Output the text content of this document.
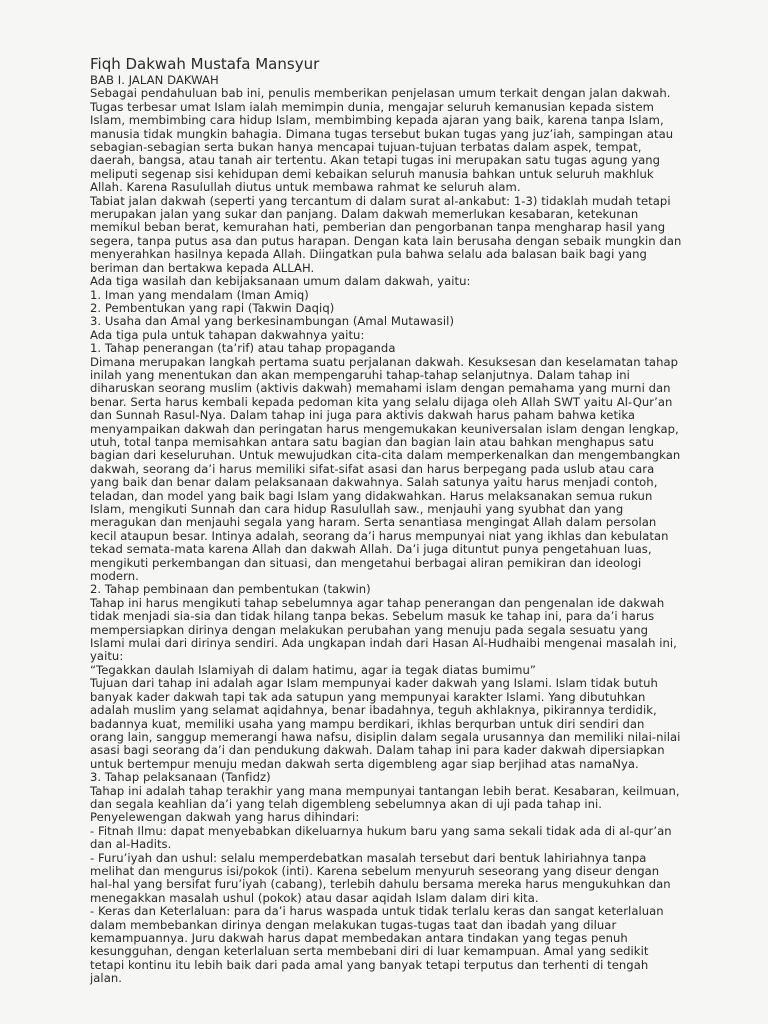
Fiqh Dakwah Mustafa Mansyur
BAB I. JALAN DAKWAH
Sebagai pendahuluan bab ini, penulis memberikan penjelasan umum terkait dengan jalan dakwah.
Tugas terbesar umat Islam ialah memimpin dunia, mengajar seluruh kemanusian kepada sistem
Islam, membimbing cara hidup Islam, membimbing kepada ajaran yang baik, karena tanpa Islam,
manusia tidak mungkin bahagia. Dimana tugas tersebut bukan tugas yang juz’iah, sampingan atau
sebagian-sebagian serta bukan hanya mencapai tujuan-tujuan terbatas dalam aspek, tempat,
daerah, bangsa, atau tanah air tertentu. Akan tetapi tugas ini merupakan satu tugas agung yang
meliputi segenap sisi kehidupan demi kebaikan seluruh manusia bahkan untuk seluruh makhluk
Allah. Karena Rasulullah diutus untuk membawa rahmat ke seluruh alam.
Tabiat jalan dakwah (seperti yang tercantum di dalam surat al-ankabut: 1-3) tidaklah mudah tetapi
merupakan jalan yang sukar dan panjang. Dalam dakwah memerlukan kesabaran, ketekunan
memikul beban berat, kemurahan hati, pemberian dan pengorbanan tanpa mengharap hasil yang
segera, tanpa putus asa dan putus harapan. Dengan kata lain berusaha dengan sebaik mungkin dan
menyerahkan hasilnya kepada Allah. Diingatkan pula bahwa selalu ada balasan baik bagi yang
beriman dan bertakwa kepada ALLAH.
Ada tiga wasilah dan kebijaksanaan umum dalam dakwah, yaitu:
1. Iman yang mendalam (Iman Amiq)
2. Pembentukan yang rapi (Takwin Daqiq)
3. Usaha dan Amal yang berkesinambungan (Amal Mutawasil)
Ada tiga pula untuk tahapan dakwahnya yaitu:
1. Tahap penerangan (ta’rif) atau tahap propaganda
Dimana merupakan langkah pertama suatu perjalanan dakwah. Kesuksesan dan keselamatan tahap
inilah yang menentukan dan akan mempengaruhi tahap-tahap selanjutnya. Dalam tahap ini
diharuskan seorang muslim (aktivis dakwah) memahami islam dengan pemahama yang murni dan
benar. Serta harus kembali kepada pedoman kita yang selalu dijaga oleh Allah SWT yaitu Al-Qur’an
dan Sunnah Rasul-Nya. Dalam tahap ini juga para aktivis dakwah harus paham bahwa ketika
menyampaikan dakwah dan peringatan harus mengemukakan keuniversalan islam dengan lengkap,
utuh, total tanpa memisahkan antara satu bagian dan bagian lain atau bahkan menghapus satu
bagian dari keseluruhan. Untuk mewujudkan cita-cita dalam memperkenalkan dan mengembangkan
dakwah, seorang da’i harus memiliki sifat-sifat asasi dan harus berpegang pada uslub atau cara
yang baik dan benar dalam pelaksanaan dakwahnya. Salah satunya yaitu harus menjadi contoh,
teladan, dan model yang baik bagi Islam yang didakwahkan. Harus melaksanakan semua rukun
Islam, mengikuti Sunnah dan cara hidup Rasulullah saw., menjauhi yang syubhat dan yang
meragukan dan menjauhi segala yang haram. Serta senantiasa mengingat Allah dalam persolan
kecil ataupun besar. Intinya adalah, seorang da’i harus mempunyai niat yang ikhlas dan kebulatan
tekad semata-mata karena Allah dan dakwah Allah. Da’i juga dituntut punya pengetahuan luas,
mengikuti perkembangan dan situasi, dan mengetahui berbagai aliran pemikiran dan ideologi
modern.
2. Tahap pembinaan dan pembentukan (takwin)
Tahap ini harus mengikuti tahap sebelumnya agar tahap penerangan dan pengenalan ide dakwah
tidak menjadi sia-sia dan tidak hilang tanpa bekas. Sebelum masuk ke tahap ini, para da’i harus
mempersiapkan dirinya dengan melakukan perubahan yang menuju pada segala sesuatu yang
Islami mulai dari dirinya sendiri. Ada ungkapan indah dari Hasan Al-Hudhaibi mengenai masalah ini,
yaitu:
“Tegakkan daulah Islamiyah di dalam hatimu, agar ia tegak diatas bumimu”
Tujuan dari tahap ini adalah agar Islam mempunyai kader dakwah yang Islami. Islam tidak butuh
banyak kader dakwah tapi tak ada satupun yang mempunyai karakter Islami. Yang dibutuhkan
adalah muslim yang selamat aqidahnya, benar ibadahnya, teguh akhlaknya, pikirannya terdidik,
badannya kuat, memiliki usaha yang mampu berdikari, ikhlas berqurban untuk diri sendiri dan
orang lain, sanggup memerangi hawa nafsu, disiplin dalam segala urusannya dan memiliki nilai-nilai
asasi bagi seorang da’i dan pendukung dakwah. Dalam tahap ini para kader dakwah dipersiapkan
untuk bertempur menuju medan dakwah serta digembleng agar siap berjihad atas namaNya.
3. Tahap pelaksanaan (Tanfidz)
Tahap ini adalah tahap terakhir yang mana mempunyai tantangan lebih berat. Kesabaran, keilmuan,
dan segala keahlian da’i yang telah digembleng sebelumnya akan di uji pada tahap ini.
Penyelewengan dakwah yang harus dihindari:
- Fitnah Ilmu: dapat menyebabkan dikeluarnya hukum baru yang sama sekali tidak ada di al-qur’an
dan al-Hadits.
- Furu’iyah dan ushul: selalu memperdebatkan masalah tersebut dari bentuk lahiriahnya tanpa
melihat dan mengurus isi/pokok (inti). Karena sebelum menyuruh seseorang yang diseur dengan
hal-hal yang bersifat furu’iyah (cabang), terlebih dahulu bersama mereka harus mengukuhkan dan
menegakkan masalah ushul (pokok) atau dasar aqidah Islam dalam diri kita.
- Keras dan Keterlaluan: para da’i harus waspada untuk tidak terlalu keras dan sangat keterlaluan
dalam membebankan dirinya dengan melakukan tugas-tugas taat dan ibadah yang diluar
kemampuannya. Juru dakwah harus dapat membedakan antara tindakan yang tegas penuh
kesungguhan, dengan keterlaluan serta membebani diri di luar kemampuan. Amal yang sedikit
tetapi kontinu itu lebih baik dari pada amal yang banyak tetapi terputus dan terhenti di tengah
jalan.
